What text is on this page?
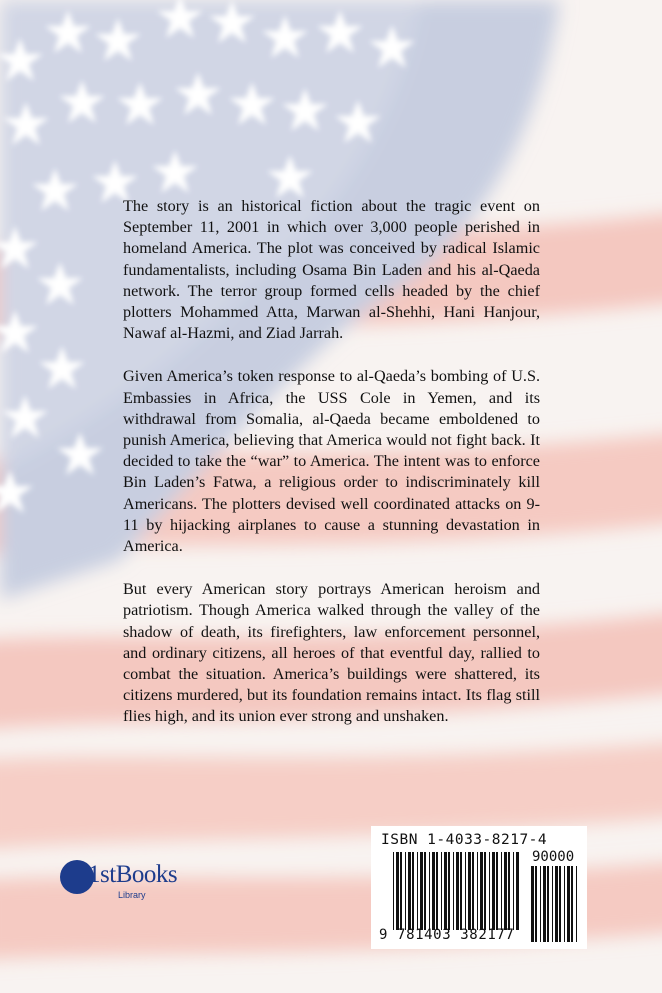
The story is an historical fiction about the tragic event on September 11, 2001 in which over 3,000 people perished in homeland America. The plot was conceived by radical Islamic fundamentalists, including Osama Bin Laden and his al-Qaeda network. The terror group formed cells headed by the chief plotters Mohammed Atta, Marwan al-Shehhi, Hani Hanjour, Nawaf al-Hazmi, and Ziad Jarrah.

Given America’s token response to al-Qaeda’s bombing of U.S. Embassies in Africa, the USS Cole in Yemen, and its withdrawal from Somalia, al-Qaeda became emboldened to punish America, believing that America would not fight back. It decided to take the “war” to America. The intent was to enforce Bin Laden’s Fatwa, a religious order to indiscriminately kill Americans. The plotters devised well coordinated attacks on 9-11 by hijacking airplanes to cause a stunning devastation in America.

But every American story portrays American heroism and patriotism. Though America walked through the valley of the shadow of death, its firefighters, law enforcement personnel, and ordinary citizens, all heroes of that eventful day, rallied to combat the situation. America’s buildings were shattered, its citizens murdered, but its foundation remains intact. Its flag still flies high, and its union ever strong and unshaken.

1stBooks
Library
ISBN 1-4033-8217-4
90000
9 781403 382177
